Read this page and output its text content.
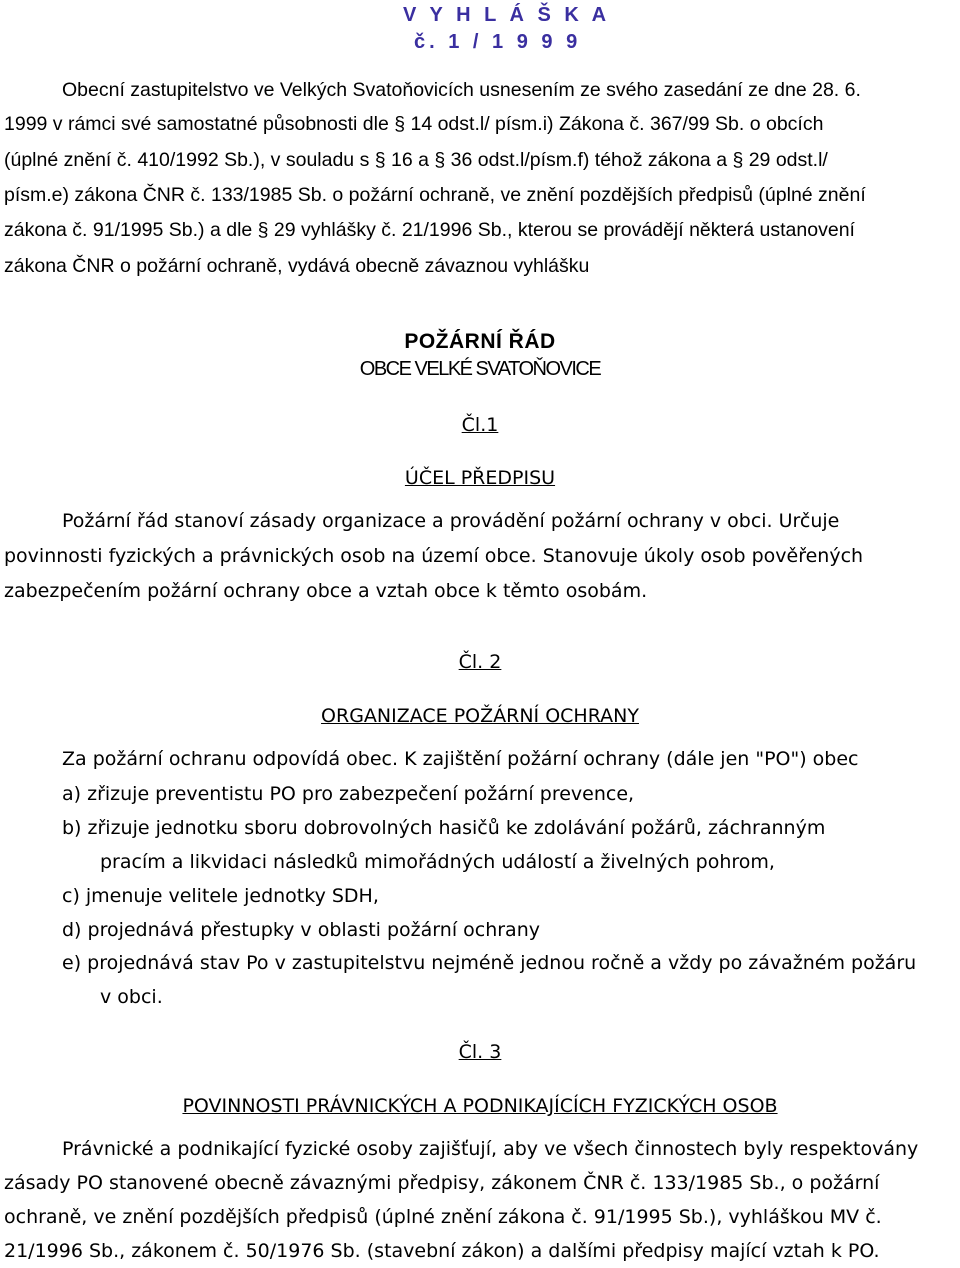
V Y H L Á Š K A
č. 1 / 1 9 9 9
Obecní zastupitelstvo ve Velkých Svatoňovicích usnesením ze svého zasedání ze dne 28. 6.
1999 v rámci své samostatné působnosti dle § 14 odst.l/ písm.i) Zákona č. 367/99 Sb. o obcích
(úplné znění č. 410/1992 Sb.), v souladu s § 16 a § 36 odst.l/písm.f) téhož zákona a § 29 odst.l/
písm.e) zákona ČNR č. 133/1985 Sb. o požární ochraně, ve znění pozdějších předpisů (úplné znění
zákona č. 91/1995 Sb.) a dle § 29 vyhlášky č. 21/1996 Sb., kterou se provádějí některá ustanovení
zákona ČNR o požární ochraně, vydává obecně závaznou vyhlášku
POŽÁRNÍ ŘÁD
OBCE VELKÉ SVATOŇOVICE
Čl.1
ÚČEL PŘEDPISU
Požární řád stanoví zásady organizace a provádění požární ochrany v obci. Určuje
povinnosti fyzických a právnických osob na území obce. Stanovuje úkoly osob pověřených
zabezpečením požární ochrany obce a vztah obce k těmto osobám.
Čl. 2
ORGANIZACE POŽÁRNÍ OCHRANY
Za požární ochranu odpovídá obec. K zajištění požární ochrany (dále jen "PO") obec
a) zřizuje preventistu PO pro zabezpečení požární prevence,
b) zřizuje jednotku sboru dobrovolných hasičů ke zdolávání požárů, záchranným
pracím a likvidaci následků mimořádných událostí a živelných pohrom,
c) jmenuje velitele jednotky SDH,
d) projednává přestupky v oblasti požární ochrany
e) projednává stav Po v zastupitelstvu nejméně jednou ročně a vždy po závažném požáru
v obci.
Čl. 3
POVINNOSTI PRÁVNICKÝCH A PODNIKAJÍCÍCH FYZICKÝCH OSOB
Právnické a podnikající fyzické osoby zajišťují, aby ve všech činnostech byly respektovány
zásady PO stanovené obecně závaznými předpisy, zákonem ČNR č. 133/1985 Sb., o požární
ochraně, ve znění pozdějších předpisů (úplné znění zákona č. 91/1995 Sb.), vyhláškou MV č.
21/1996 Sb., zákonem č. 50/1976 Sb. (stavební zákon) a dalšími předpisy mající vztah k PO.
